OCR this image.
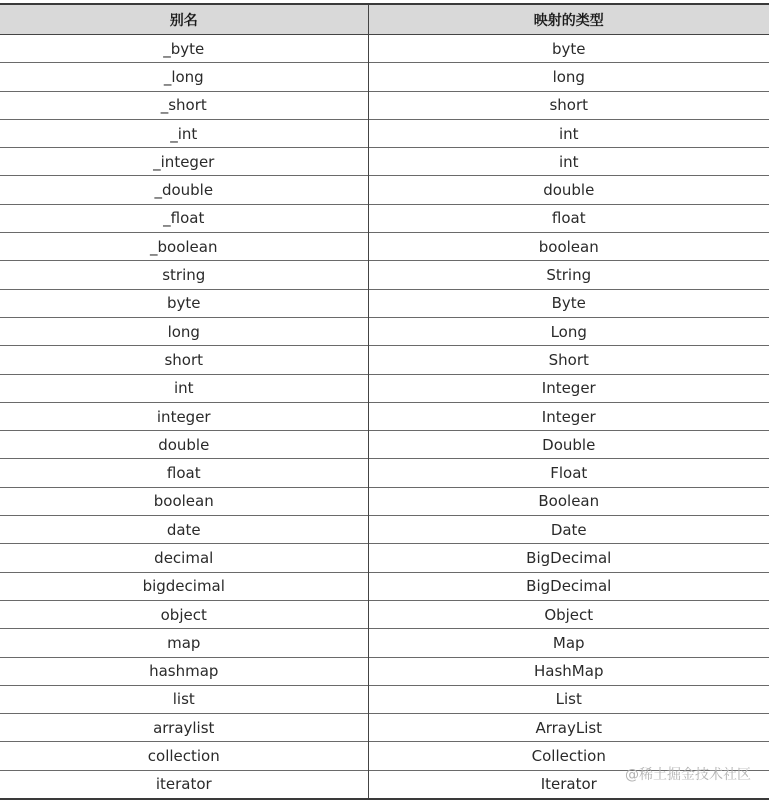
别名	映射的类型
_byte	byte
_long	long
_short	short
_int	int
_integer	int
_double	double
_float	float
_boolean	boolean
string	String
byte	Byte
long	Long
short	Short
int	Integer
integer	Integer
double	Double
float	Float
boolean	Boolean
date	Date
decimal	BigDecimal
bigdecimal	BigDecimal
object	Object
map	Map
hashmap	HashMap
list	List
arraylist	ArrayList
collection	Collection
iterator	Iterator
@稀土掘金技术社区
